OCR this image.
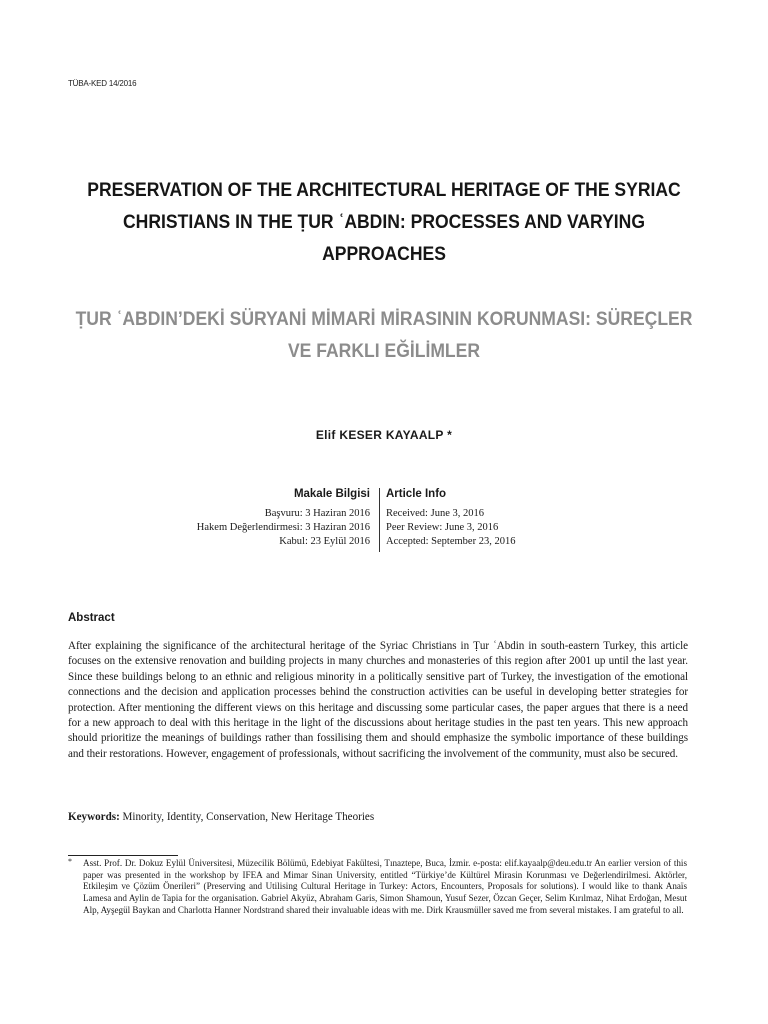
TÜBA-KED 14/2016
PRESERVATION OF THE ARCHITECTURAL HERITAGE OF THE SYRIAC CHRISTIANS IN THE ṬUR ʿABDIN: PROCESSES AND VARYING APPROACHES
ṬUR ʿABDIN’DEKİ SÜRYANİ MİMARİ MİRASININ KORUNMASI: SÜREÇLER VE FARKLI EĞİLİMLER
Elif KESER KAYAALP *
Makale Bilgisi
Başvuru: 3 Haziran 2016
Hakem Değerlendirmesi: 3 Haziran 2016
Kabul: 23 Eylül 2016
Article Info
Received: June 3, 2016
Peer Review: June 3, 2016
Accepted: September 23, 2016
Abstract
After explaining the significance of the architectural heritage of the Syriac Christians in Ṭur ʿAbdin in south-eastern Turkey, this article focuses on the extensive renovation and building projects in many churches and monasteries of this region after 2001 up until the last year. Since these buildings belong to an ethnic and religious minority in a politically sensitive part of Turkey, the investigation of the emotional connections and the decision and application processes behind the construction activities can be useful in developing better strategies for protection. After mentioning the different views on this heritage and discussing some particular cases, the paper argues that there is a need for a new approach to deal with this heritage in the light of the discussions about heritage studies in the past ten years. This new approach should prioritize the meanings of buildings rather than fossilising them and should emphasize the symbolic importance of these buildings and their restorations. However, engagement of professionals, without sacrificing the involvement of the community, must also be secured.
Keywords: Minority, Identity, Conservation, New Heritage Theories
* Asst. Prof. Dr. Dokuz Eylül Üniversitesi, Müzecilik Bölümü, Edebiyat Fakültesi, Tınaztepe, Buca, İzmir. e-posta: elif.kayaalp@deu.edu.tr An earlier version of this paper was presented in the workshop by IFEA and Mimar Sinan University, entitled “Türkiye’de Kültürel Mirasin Korunması ve Değerlendirilmesi. Aktörler, Etkileşim ve Çözüm Önerileri” (Preserving and Utilising Cultural Heritage in Turkey: Actors, Encounters, Proposals for solutions). I would like to thank Anaïs Lamesa and Aylin de Tapia for the organisation. Gabriel Akyüz, Abraham Garis, Simon Shamoun, Yusuf Sezer, Özcan Geçer, Selim Kırılmaz, Nihat Erdoğan, Mesut Alp, Ayşegül Baykan and Charlotta Hanner Nordstrand shared their invaluable ideas with me. Dirk Krausmüller saved me from several mistakes. I am grateful to all.
